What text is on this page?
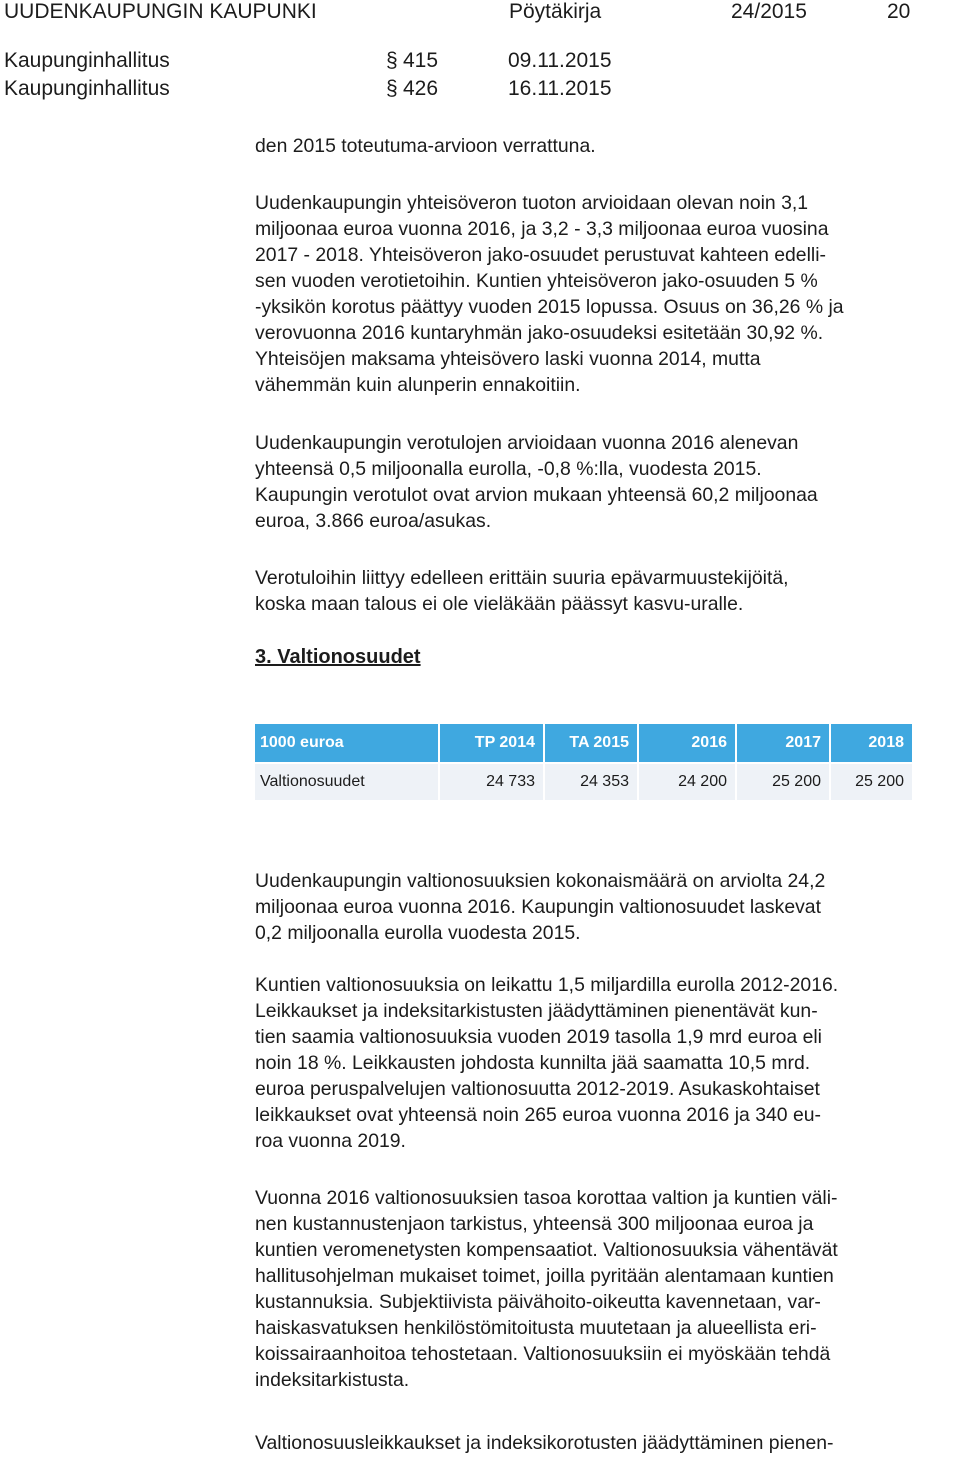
UUDENKAUPUNGIN KAUPUNKI	Pöytäkirja	24/2015	20
Kaupunginhallitus	§ 415	09.11.2015
Kaupunginhallitus	§ 426	16.11.2015

den 2015 toteutuma-arvioon verrattuna.

Uudenkaupungin yhteisöveron tuoton arvioidaan olevan noin 3,1

miljoonaa euroa vuonna 2016, ja 3,2 - 3,3 miljoonaa euroa vuosina

2017 - 2018. Yhteisöveron jako-osuudet perustuvat kahteen edelli-

sen vuoden verotietoihin. Kuntien yhteisöveron jako-osuuden 5 %

-yksikön korotus päättyy vuoden 2015 lopussa. Osuus on 36,26 % ja

verovuonna 2016 kuntaryhmän jako-osuudeksi esitetään 30,92 %.

Yhteisöjen maksama yhteisövero laski vuonna 2014, mutta

vähemmän kuin alunperin ennakoitiin.

Uudenkaupungin verotulojen arvioidaan vuonna 2016 alenevan

yhteensä 0,5 miljoonalla eurolla, -0,8 %:lla, vuodesta 2015.

Kaupungin verotulot ovat arvion mukaan yhteensä 60,2 miljoonaa

euroa, 3.866 euroa/asukas.

Verotuloihin liittyy edelleen erittäin suuria epävarmuustekijöitä,

koska maan talous ei ole vieläkään päässyt kasvu-uralle.

3. Valtionosuudet

1000 euroa	TP 2014	TA 2015	2016	2017	2018
Valtionosuudet	24 733	24 353	24 200	25 200	25 200

Uudenkaupungin valtionosuuksien kokonaismäärä on arviolta 24,2

miljoonaa euroa vuonna 2016. Kaupungin valtionosuudet laskevat

0,2 miljoonalla eurolla vuodesta 2015.

Kuntien valtionosuuksia on leikattu 1,5 miljardilla eurolla 2012-2016.

Leikkaukset ja indeksitarkistusten jäädyttäminen pienentävät kun-

tien saamia valtionosuuksia vuoden 2019 tasolla 1,9 mrd euroa eli

noin 18 %. Leikkausten johdosta kunnilta jää saamatta 10,5 mrd.

euroa peruspalvelujen valtionosuutta 2012-2019. Asukaskohtaiset

leikkaukset ovat yhteensä noin 265 euroa vuonna 2016 ja 340 eu-

roa vuonna 2019.

Vuonna 2016 valtionosuuksien tasoa korottaa valtion ja kuntien väli-

nen kustannustenjaon tarkistus, yhteensä 300 miljoonaa euroa ja

kuntien veromenetysten kompensaatiot. Valtionosuuksia vähentävät

hallitusohjelman mukaiset toimet, joilla pyritään alentamaan kuntien

kustannuksia. Subjektiivista päivähoito-oikeutta kavennetaan, var-

haiskasvatuksen henkilöstömitoitusta muutetaan ja alueellista eri-

koissairaanhoitoa tehostetaan. Valtionosuuksiin ei myöskään tehdä

indeksitarkistusta.

Valtionosuusleikkaukset ja indeksikorotusten jäädyttäminen pienen-
